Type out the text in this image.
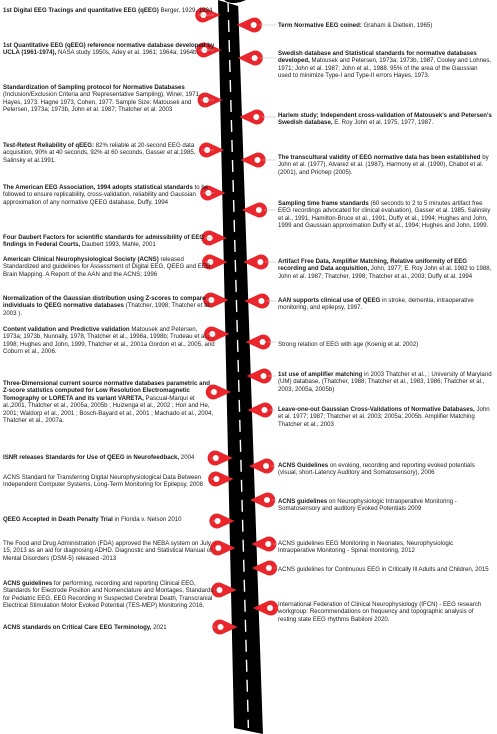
1st Digital EEG Tracings and quantitative EEG (qEEG) Berger, 1929, 1934
1st Quantitative EEG (qEEG) reference normative database developed by UCLA (1961-1974), NASA study 1950s, Adey et al. 1961; 1964a; 1964b.
Standardization of Sampling protocol for Normative Databases (Inclusion/Exclusion Criteria and 'Representative Sampling), Winer, 1971, Hayes, 1973. Hagne 1973, Cohen, 1977. Sample Size: Matousek and Petersen, 1973a; 1973b, John et al. 1987; Thatcher et al. 2003
Test-Retest Reliability of qEEG: 82% reliable at 20-second EEG data acquisition, 90% at 40 seconds, 92% at 60 seconds, Gasser et al.1985, Salinsky et al.1991.
The American EEG Association, 1994 adopts statistical standards to be followed to ensure replicability, cross-validation, reliability and Gaussian approximation of any normative QEEG database, Duffy, 1994
Four Daubert Factors for scientific standards for admissibility of EEG findings in Federal Courts, Daubert 1993, Mahle, 2001
American Clinical Neurophysiological Society (ACNS) released Standardized and guidelines for Assessment of Digital EEG, QEEG and EEG Brain Mapping. A Report of the AAN and the ACNS; 1996
Normalization of the Gaussian distribution using Z-scores to compare individuals to QEEG normative databases (Thatcher, 1998; Thatcher et al., 2003 ).
Content validation and Predictive validation Matousek and Petersen, 1973a; 1973b, Nunnally, 1978, Thatcher et al., 1998a, 1998b; Trudeau et al., 1998; Hughes and John, 1999, Thatcher et al., 2001a Gordon et al., 2005, and Coburn et al., 2006.
Three-Dimensional current source normative databases parametric and Z-score statistics computed for Low Resolution Electromagnetic Tomography or LORETA and its variant VARETA, Pascual-Marqui et al.,2001, Thatcher et al., 2005a, 2005b ; Huizenga et al., 2002 ; Hori and He, 2001; Waldorp et al., 2001 ; Bosch-Bayard et al., 2001 ; Machado et al., 2004, Thatcher et al., 2007a.
ISNR releases Standards for Use of QEEG in Neurofeedback, 2004
ACNS Standard for Transferring Digital Neurophysiological Data Between Independent Computer Systems, Long-Term Monitoring for Epilepsy, 2008
QEEG Accepted in Death Penalty Trial in Florida v. Nelson 2010
The Food and Drug Administration (FDA) approved the NEBA system on July 15, 2013 as an aid for diagnosing ADHD. Diagnostic and Statistical Manual of Mental Disorders (DSM-5) released -2013
ACNS guidelines for performing, recording and reporting Clinical EEG, Standards for Electrode Position and Nomenclature and Montages, Standards for Pediatric EEG, EEG Recording in Suspected Cerebral Death, Transcranial Electrical Stimulation Motor Evoked Potential (TES-MEP) Monitoring 2016.
ACNS standards on Critical Care EEG Terminology, 2021
Term Normative EEG coined: Graham & Dietlein, 1965)
Swedish database and Statistical standards for normative databases developed, Matousek and Petersen, 1973a; 1973b, 1987, Cooley and Lohnes, 1971; John et al. 1987; John et al., 1988. 95% of the area of the Gaussian used to minimize Type-I and Type-II errors Hayes, 1973.
Harlem study; Independent cross-validation of Matousek's and Petersen's Swedish database, E. Roy John et al. 1975, 1977, 1987.
The transcultural validity of EEG normative data has been established by John et al. (1977), Alvarez et al. (1987), Harmony et al. (1990), Chabot et al. (2001), and Prichep (2005).
Sampling time frame standards (60 seconds to 2 to 5 minutes artifact free EEG recordings advocated for clinical evaluation), Gasser et al. 1985, Salinsky et al., 1991, Hamilton-Bruce et al., 1991, Duffy et al., 1994; Hughes and John, 1999 and Gaussian approximation Duffy et al., 1994; Hughes and John, 1999.
Artifact Free Data, Amplifier Matching, Relative uniformity of EEG recording and Data acquisition, John, 1977; E. Roy John et al. 1982 to 1988, John et al. 1987; Thatcher, 1998; Thatcher et al., 2003; Duffy et al. 1994
AAN supports clinical use of QEEG in stroke, dementia, intraoperative monitoring, and epilepsy, 1997.
Strong relation of EEG with age (Koenig et al. 2002)
1st use of amplifier matching in 2003 Thatcher et al., ; University of Maryland (UM) database, (Thatcher, 1988; Thatcher et al., 1983, 1986; Thatcher et al., 2003, 2005a, 2005b)
Leave-one-out Gaussian Cross-Validations of Normative Databases, John et al. 1977; 1987; Thatcher et al. 2003; 2005a; 2005b. Amplifier Matching Thatcher et al., 2003
ACNS Guidelines on evoking, recording and reporting evoked potentials (visual, short-Latency Auditory and Somatosensory), 2006
ACNS guidelines on Neurophysiologic Intraoperative Monitoring - Somatosensory and auditory Evoked Potentials 2009
ACNS guidelines EEG Monitoring in Neonates, Neurophysiologic Intraoperative Monitoring - Spinal monitoring, 2012
ACNS guidelines for Continuous EEG in Critically Ill Adults and Children, 2015
International Federation of Clinical Neurophysiology (IFCN) - EEG research workgroup: Recommendations on frequency and topographic analysis of resting state EEG rhythms Babiloni 2020.
